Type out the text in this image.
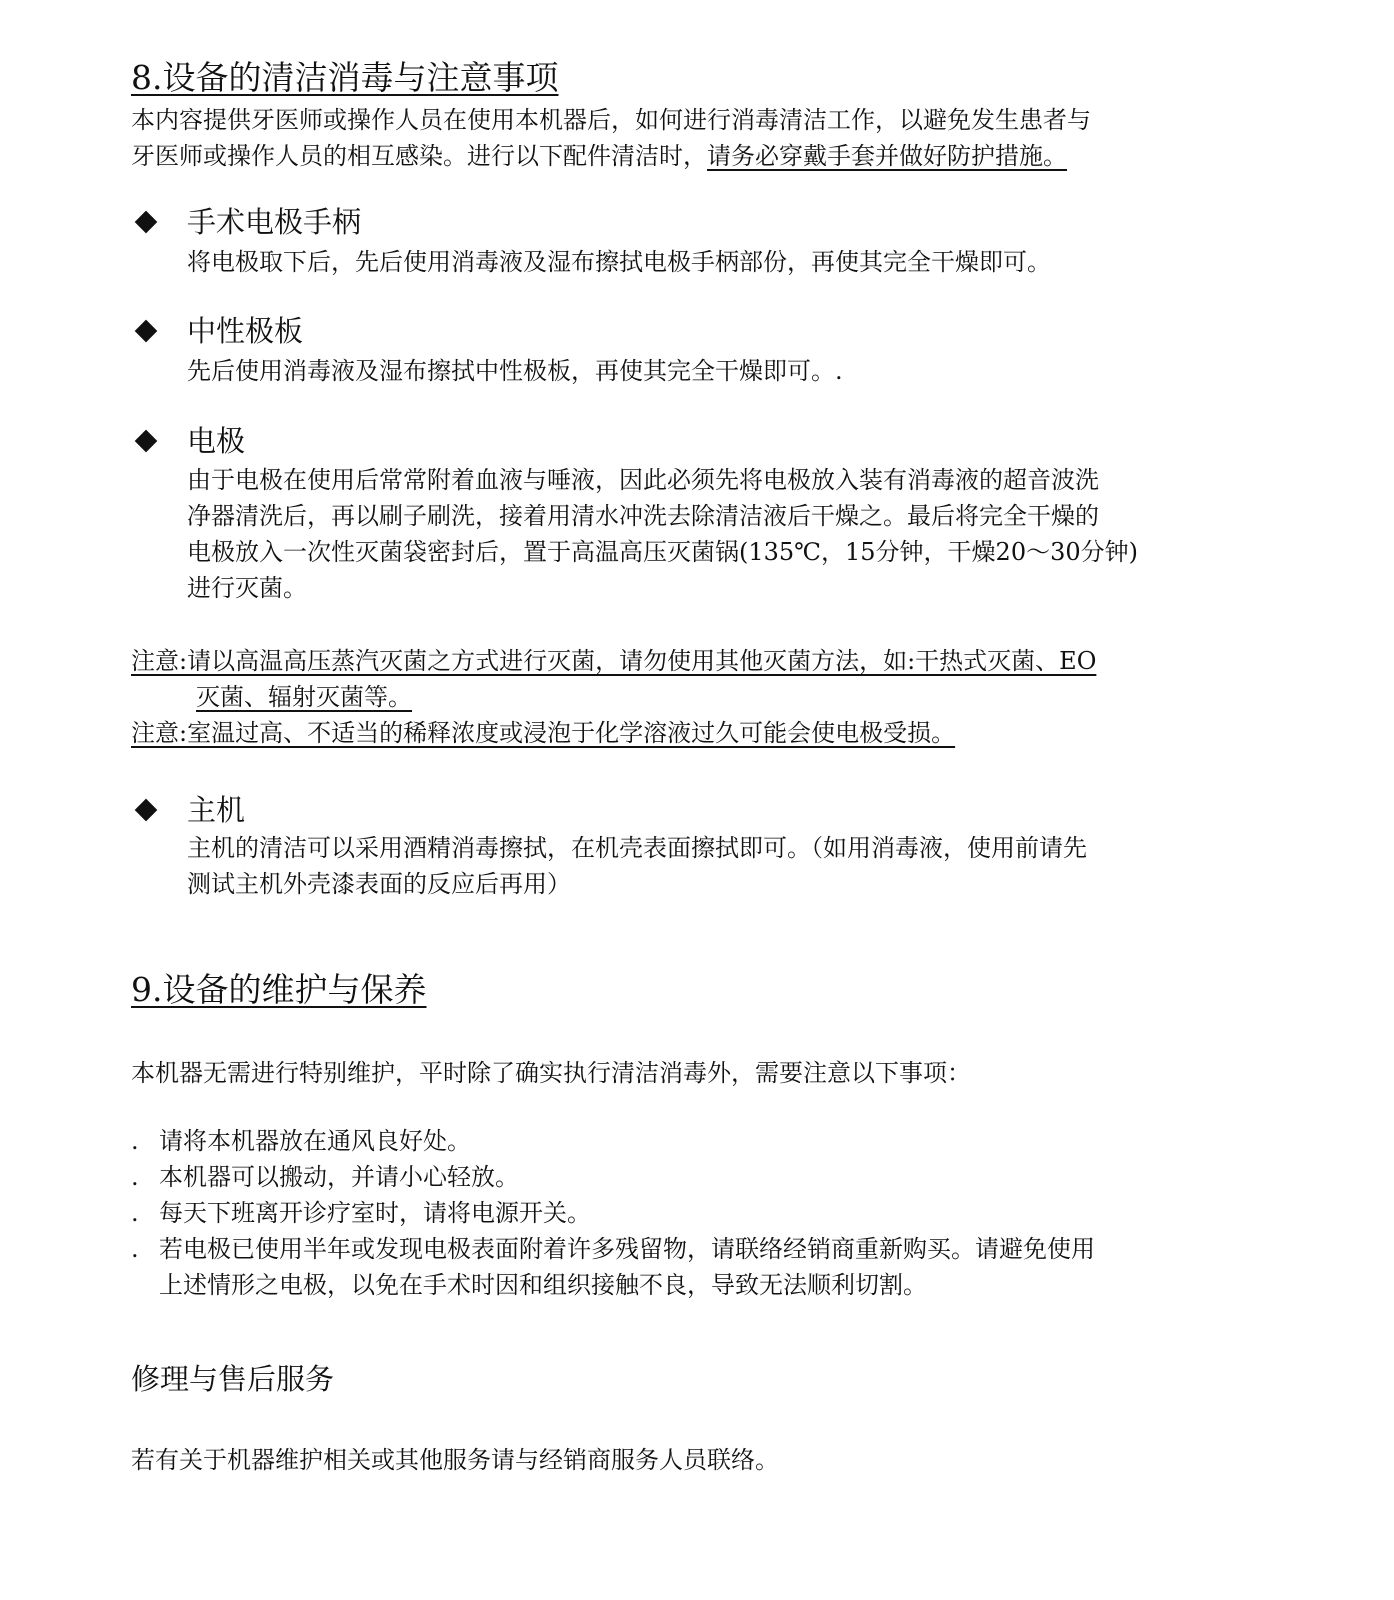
8.设备的清洁消毒与注意事项
本内容提供牙医师或操作人员在使用本机器后，如何进行消毒清洁工作，以避免发生患者与
牙医师或操作人员的相互感染。进行以下配件清洁时，请务必穿戴手套并做好防护措施。
手术电极手柄
将电极取下后，先后使用消毒液及湿布擦拭电极手柄部份，再使其完全干燥即可。
中性极板
先后使用消毒液及湿布擦拭中性极板，再使其完全干燥即可。.
电极
由于电极在使用后常常附着血液与唾液，因此必须先将电极放入装有消毒液的超音波洗
净器清洗后，再以刷子刷洗，接着用清水冲洗去除清洁液后干燥之。最后将完全干燥的
电极放入一次性灭菌袋密封后，置于高温高压灭菌锅(135℃，15分钟，干燥20～30分钟)
进行灭菌。
注意:请以高温高压蒸汽灭菌之方式进行灭菌，请勿使用其他灭菌方法，如:干热式灭菌、EO
灭菌、辐射灭菌等。
注意:室温过高、不适当的稀释浓度或浸泡于化学溶液过久可能会使电极受损。
主机
主机的清洁可以采用酒精消毒擦拭，在机壳表面擦拭即可。（如用消毒液，使用前请先
测试主机外壳漆表面的反应后再用）
9.设备的维护与保养
本机器无需进行特别维护，平时除了确实执行清洁消毒外，需要注意以下事项：
. 请将本机器放在通风良好处。
. 本机器可以搬动，并请小心轻放。
. 每天下班离开诊疗室时，请将电源开关。
. 若电极已使用半年或发现电极表面附着许多残留物，请联络经销商重新购买。请避免使用
上述情形之电极，以免在手术时因和组织接触不良，导致无法顺利切割。
修理与售后服务
若有关于机器维护相关或其他服务请与经销商服务人员联络。
